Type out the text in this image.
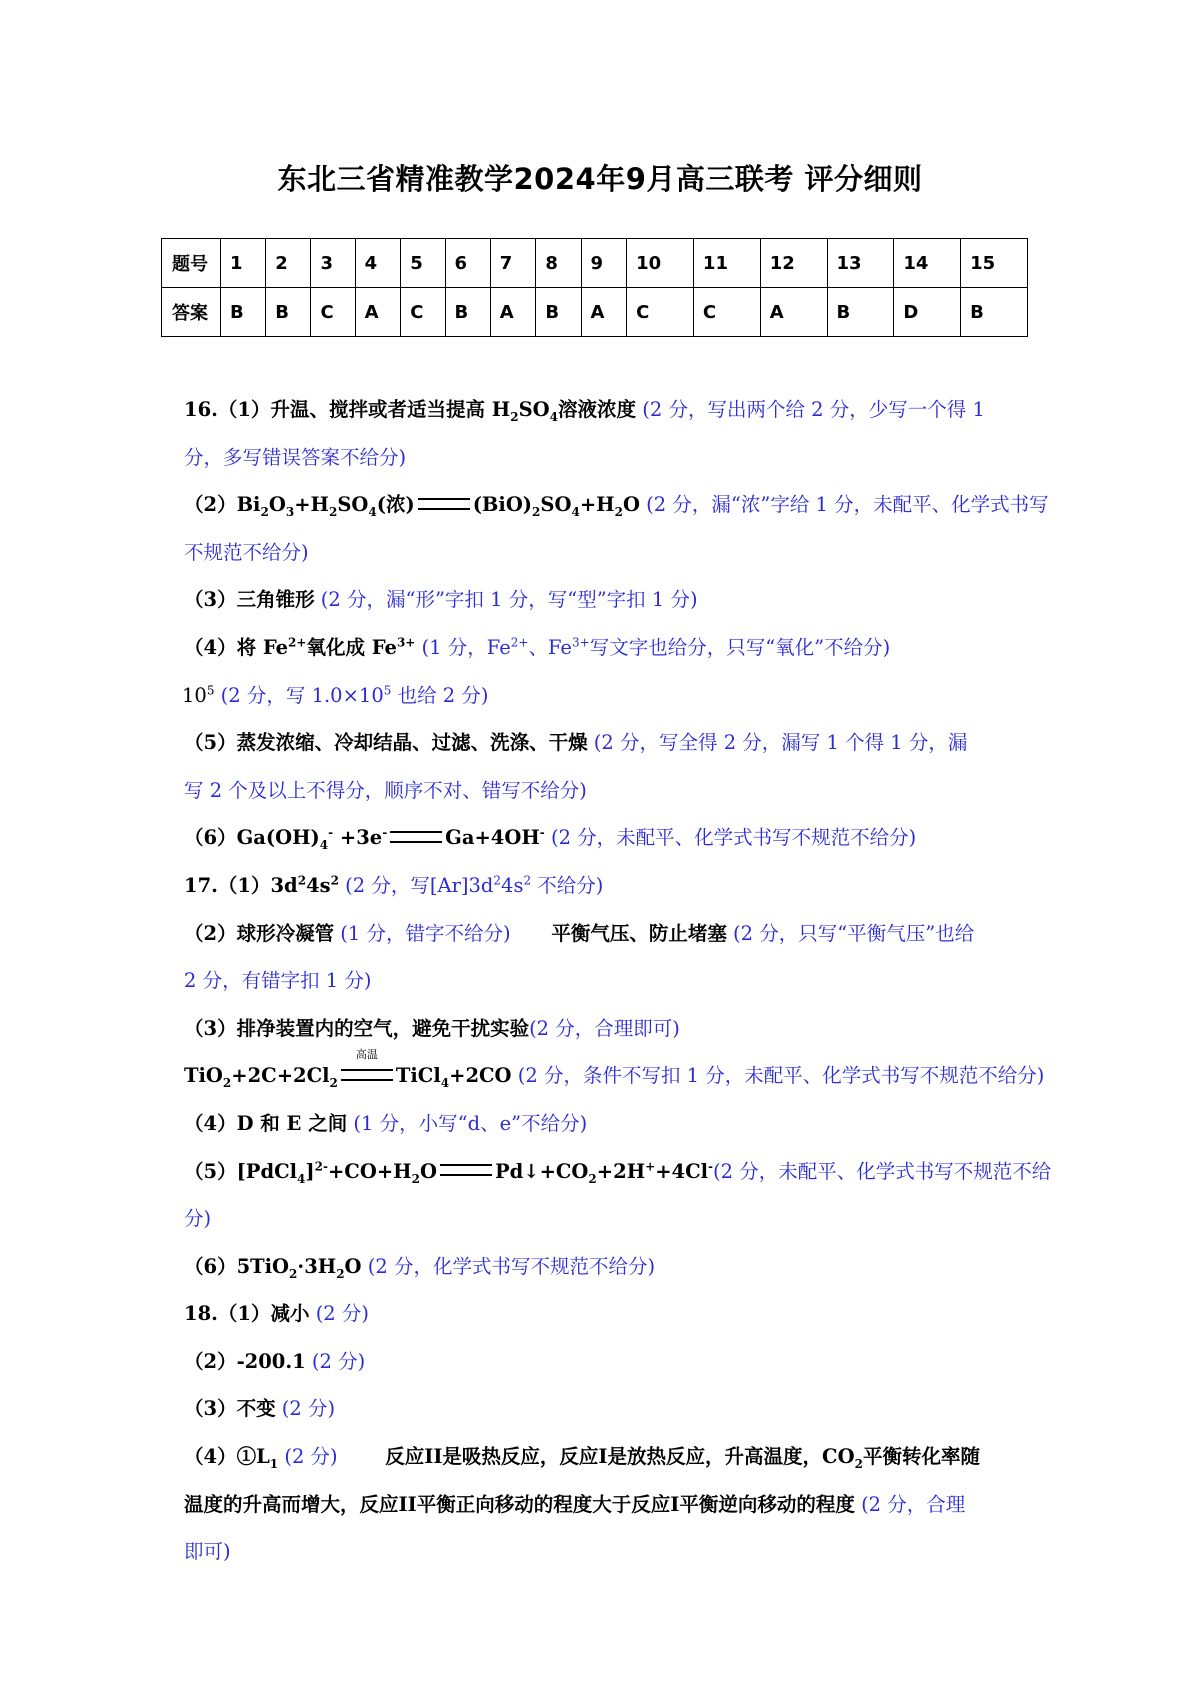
东北三省精准教学2024年9月高三联考 评分细则
题号	1	2	3	4	5	6	7	8	9	10	11	12	13	14	15
答案	B	B	C	A	C	B	A	B	A	C	C	A	B	D	B
16.（1）升温、搅拌或者适当提高 $H_2SO_4$溶液浓度 (2 分，写出两个给 2 分，少写一个得 1
分，多写错误答案不给分)
$(2)Bi_2O_3+H_2SO_4$(浓)	$(BiO)_2SO_4+H_2O$ (2 分，漏“浓”字给 1 分，未配平、化学式书写
不规范不给分)
（3）三角锥形 (2 分，漏“形”字扣 1 分，写“型”字扣 1 分)
（4）将 $Fe^{2+}$氧化成 $Fe^{3+}$ (1 分，$Fe^{2+}$、$Fe^{3+}$写文字也给分，只写“氧化”不给分)
$10^5$ (2 分，写 $1.0\times 10^5$ 也给 2 分)
（5）蒸发浓缩、冷却结晶、过滤、洗涤、干燥 (2 分，写全得 2 分，漏写 1 个得 1 分，漏
写 2 个及以上不得分，顺序不对、错写不给分)
$(6)Ga(OH)_4^- +3e^-$	Ga+4OH- (2 分，未配平、化学式书写不规范不给分)
$17.(1)3d^24s^2$ (2 分，写$[Ar]3d^24s^2$ 不给分)
（2）球形冷凝管 (1 分，错字不给分)      平衡气压、防止堵塞 (2 分，只写“平衡气压”也给
2 分，有错字扣 1 分)
（3）排净装置内的空气，避免干扰实验(2 分，合理即可)
$TiO_2+2C+2Cl_2$
高温
TiCl$_4$+2CO (2 分，条件不写扣 1 分，未配平、化学式书写不规范不给分)
（4）D 和 E 之间 (1 分，小写“d、e”不给分)
$(5)[PdCl_4]^{2-}+CO+H_2O$	$Pd↓+CO_2+2H^++4Cl^-(2$ 分，未配平、化学式书写不规范不给
分)
$(6)5TiO_2\cdot 3H_2O$ (2 分，化学式书写不规范不给分)
18.（1）减小 (2 分)
（2）-200.1 (2 分)
（3）不变 (2 分)
$(4)①L_1$ (2 分)       反应II是吸热反应，反应I是放热反应，升高温度，$CO_2$平衡转化率随
温度的升高而增大，反应II平衡正向移动的程度大于反应I平衡逆向移动的程度 (2 分，合理
即可)
